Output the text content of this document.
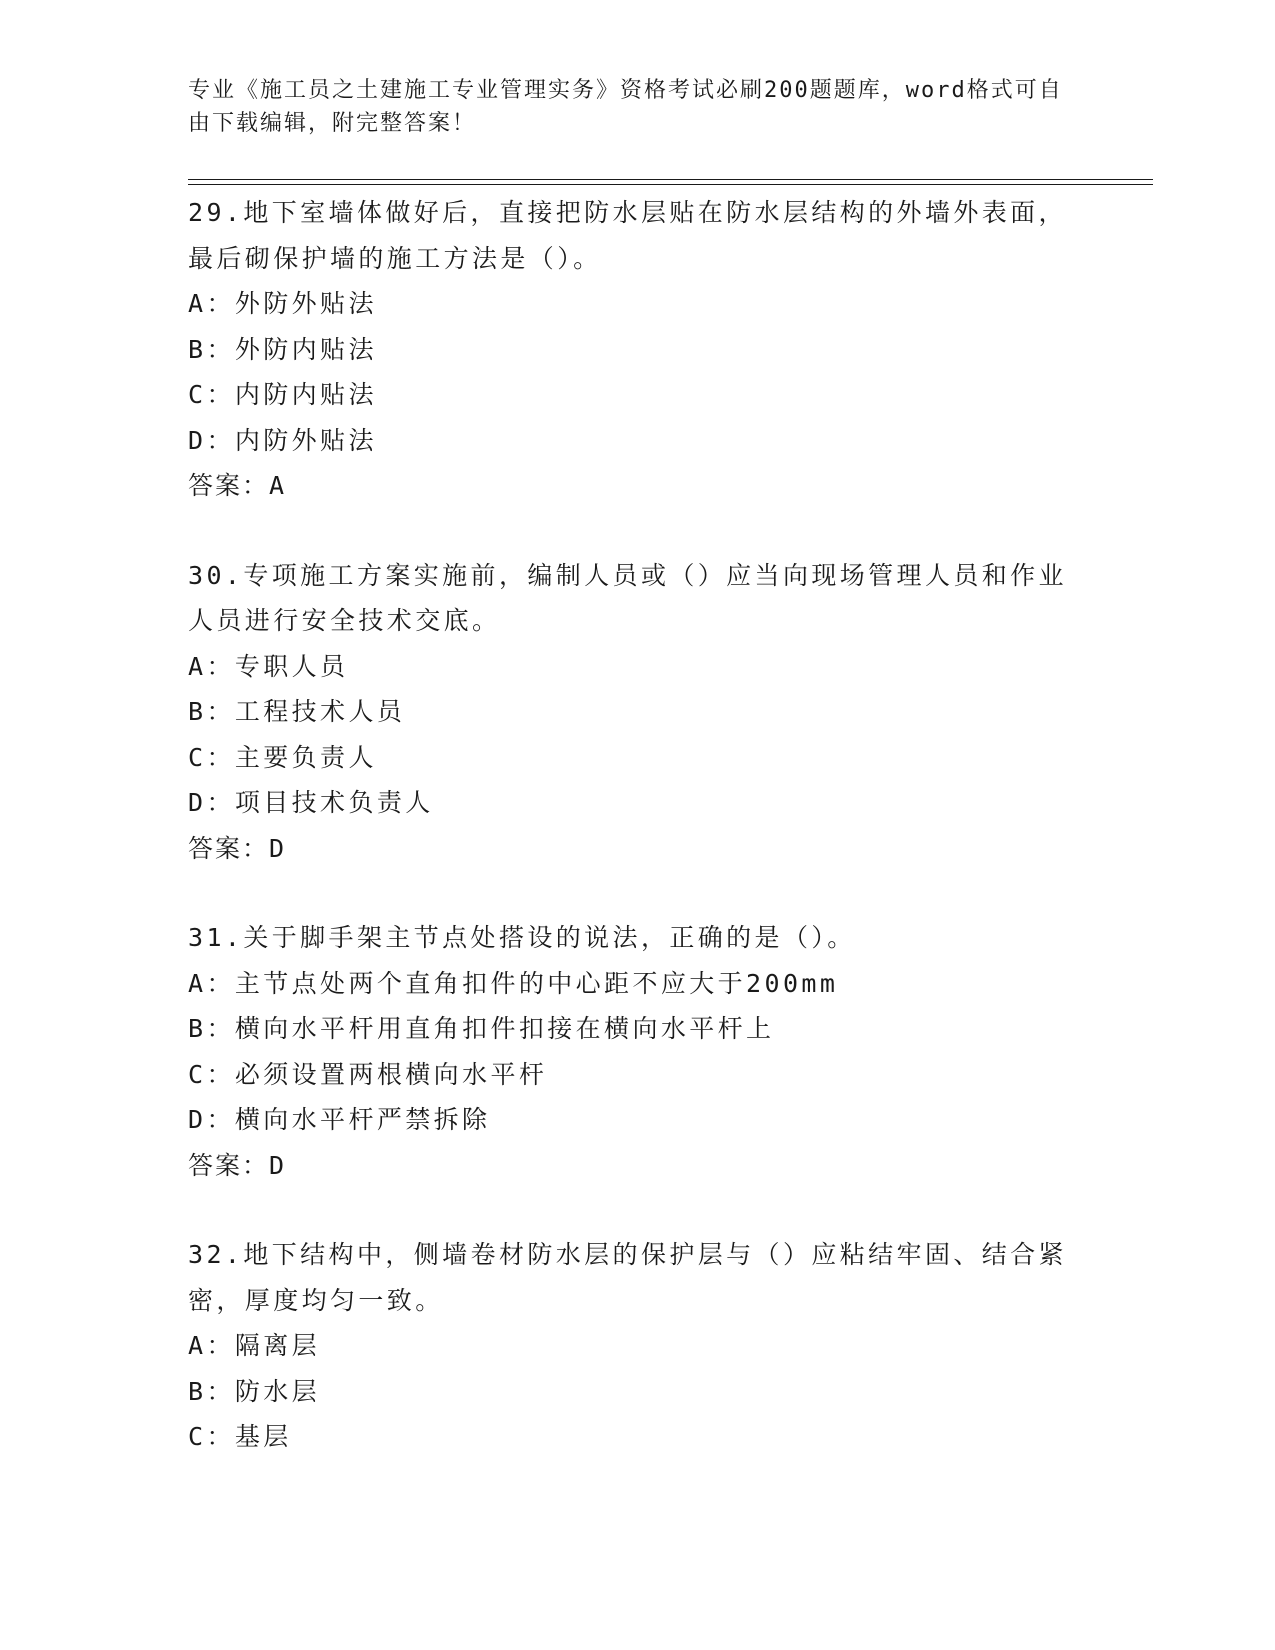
专业《施工员之土建施工专业管理实务》资格考试必刷200题题库，word格式可自由下载编辑，附完整答案！
29.地下室墙体做好后，直接把防水层贴在防水层结构的外墙外表面，最后砌保护墙的施工方法是（）。
A：外防外贴法
B：外防内贴法
C：内防内贴法
D：内防外贴法
答案：A
30.专项施工方案实施前，编制人员或（）应当向现场管理人员和作业人员进行安全技术交底。
A：专职人员
B：工程技术人员
C：主要负责人
D：项目技术负责人
答案：D
31.关于脚手架主节点处搭设的说法，正确的是（）。
A：主节点处两个直角扣件的中心距不应大于200mm
B：横向水平杆用直角扣件扣接在横向水平杆上
C：必须设置两根横向水平杆
D：横向水平杆严禁拆除
答案：D
32.地下结构中，侧墙卷材防水层的保护层与（）应粘结牢固、结合紧密，厚度均匀一致。
A：隔离层
B：防水层
C：基层
